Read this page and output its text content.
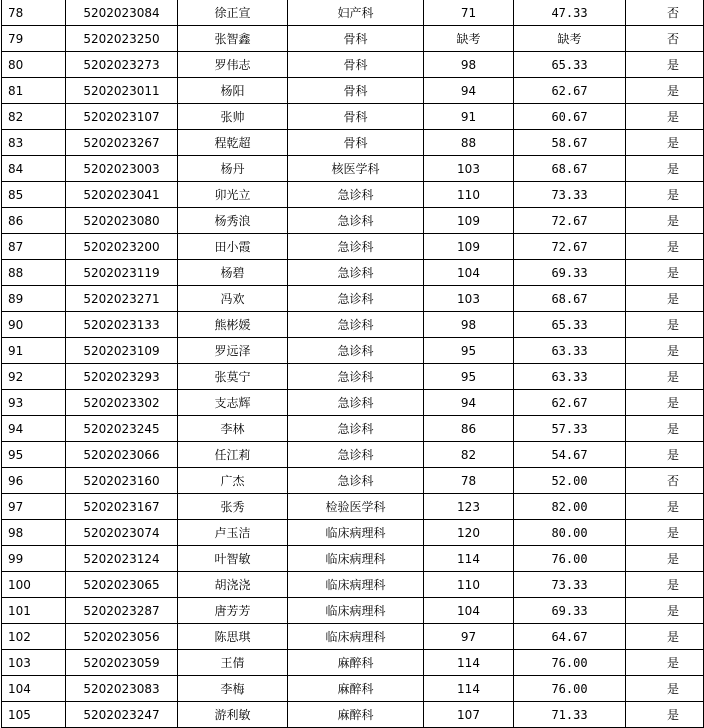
78	5202023084	徐正宣	妇产科	71	47.33	否
79	5202023250	张智鑫	骨科	缺考	缺考	否
80	5202023273	罗伟志	骨科	98	65.33	是
81	5202023011	杨阳	骨科	94	62.67	是
82	5202023107	张帅	骨科	91	60.67	是
83	5202023267	程乾超	骨科	88	58.67	是
84	5202023003	杨丹	核医学科	103	68.67	是
85	5202023041	卯光立	急诊科	110	73.33	是
86	5202023080	杨秀浪	急诊科	109	72.67	是
87	5202023200	田小霞	急诊科	109	72.67	是
88	5202023119	杨碧	急诊科	104	69.33	是
89	5202023271	冯欢	急诊科	103	68.67	是
90	5202023133	熊彬媛	急诊科	98	65.33	是
91	5202023109	罗远泽	急诊科	95	63.33	是
92	5202023293	张莫宁	急诊科	95	63.33	是
93	5202023302	支志辉	急诊科	94	62.67	是
94	5202023245	李林	急诊科	86	57.33	是
95	5202023066	任江莉	急诊科	82	54.67	是
96	5202023160	广杰	急诊科	78	52.00	否
97	5202023167	张秀	检验医学科	123	82.00	是
98	5202023074	卢玉洁	临床病理科	120	80.00	是
99	5202023124	叶智敏	临床病理科	114	76.00	是
100	5202023065	胡浇浇	临床病理科	110	73.33	是
101	5202023287	唐芳芳	临床病理科	104	69.33	是
102	5202023056	陈思琪	临床病理科	97	64.67	是
103	5202023059	王倩	麻醉科	114	76.00	是
104	5202023083	李梅	麻醉科	114	76.00	是
105	5202023247	游利敏	麻醉科	107	71.33	是
